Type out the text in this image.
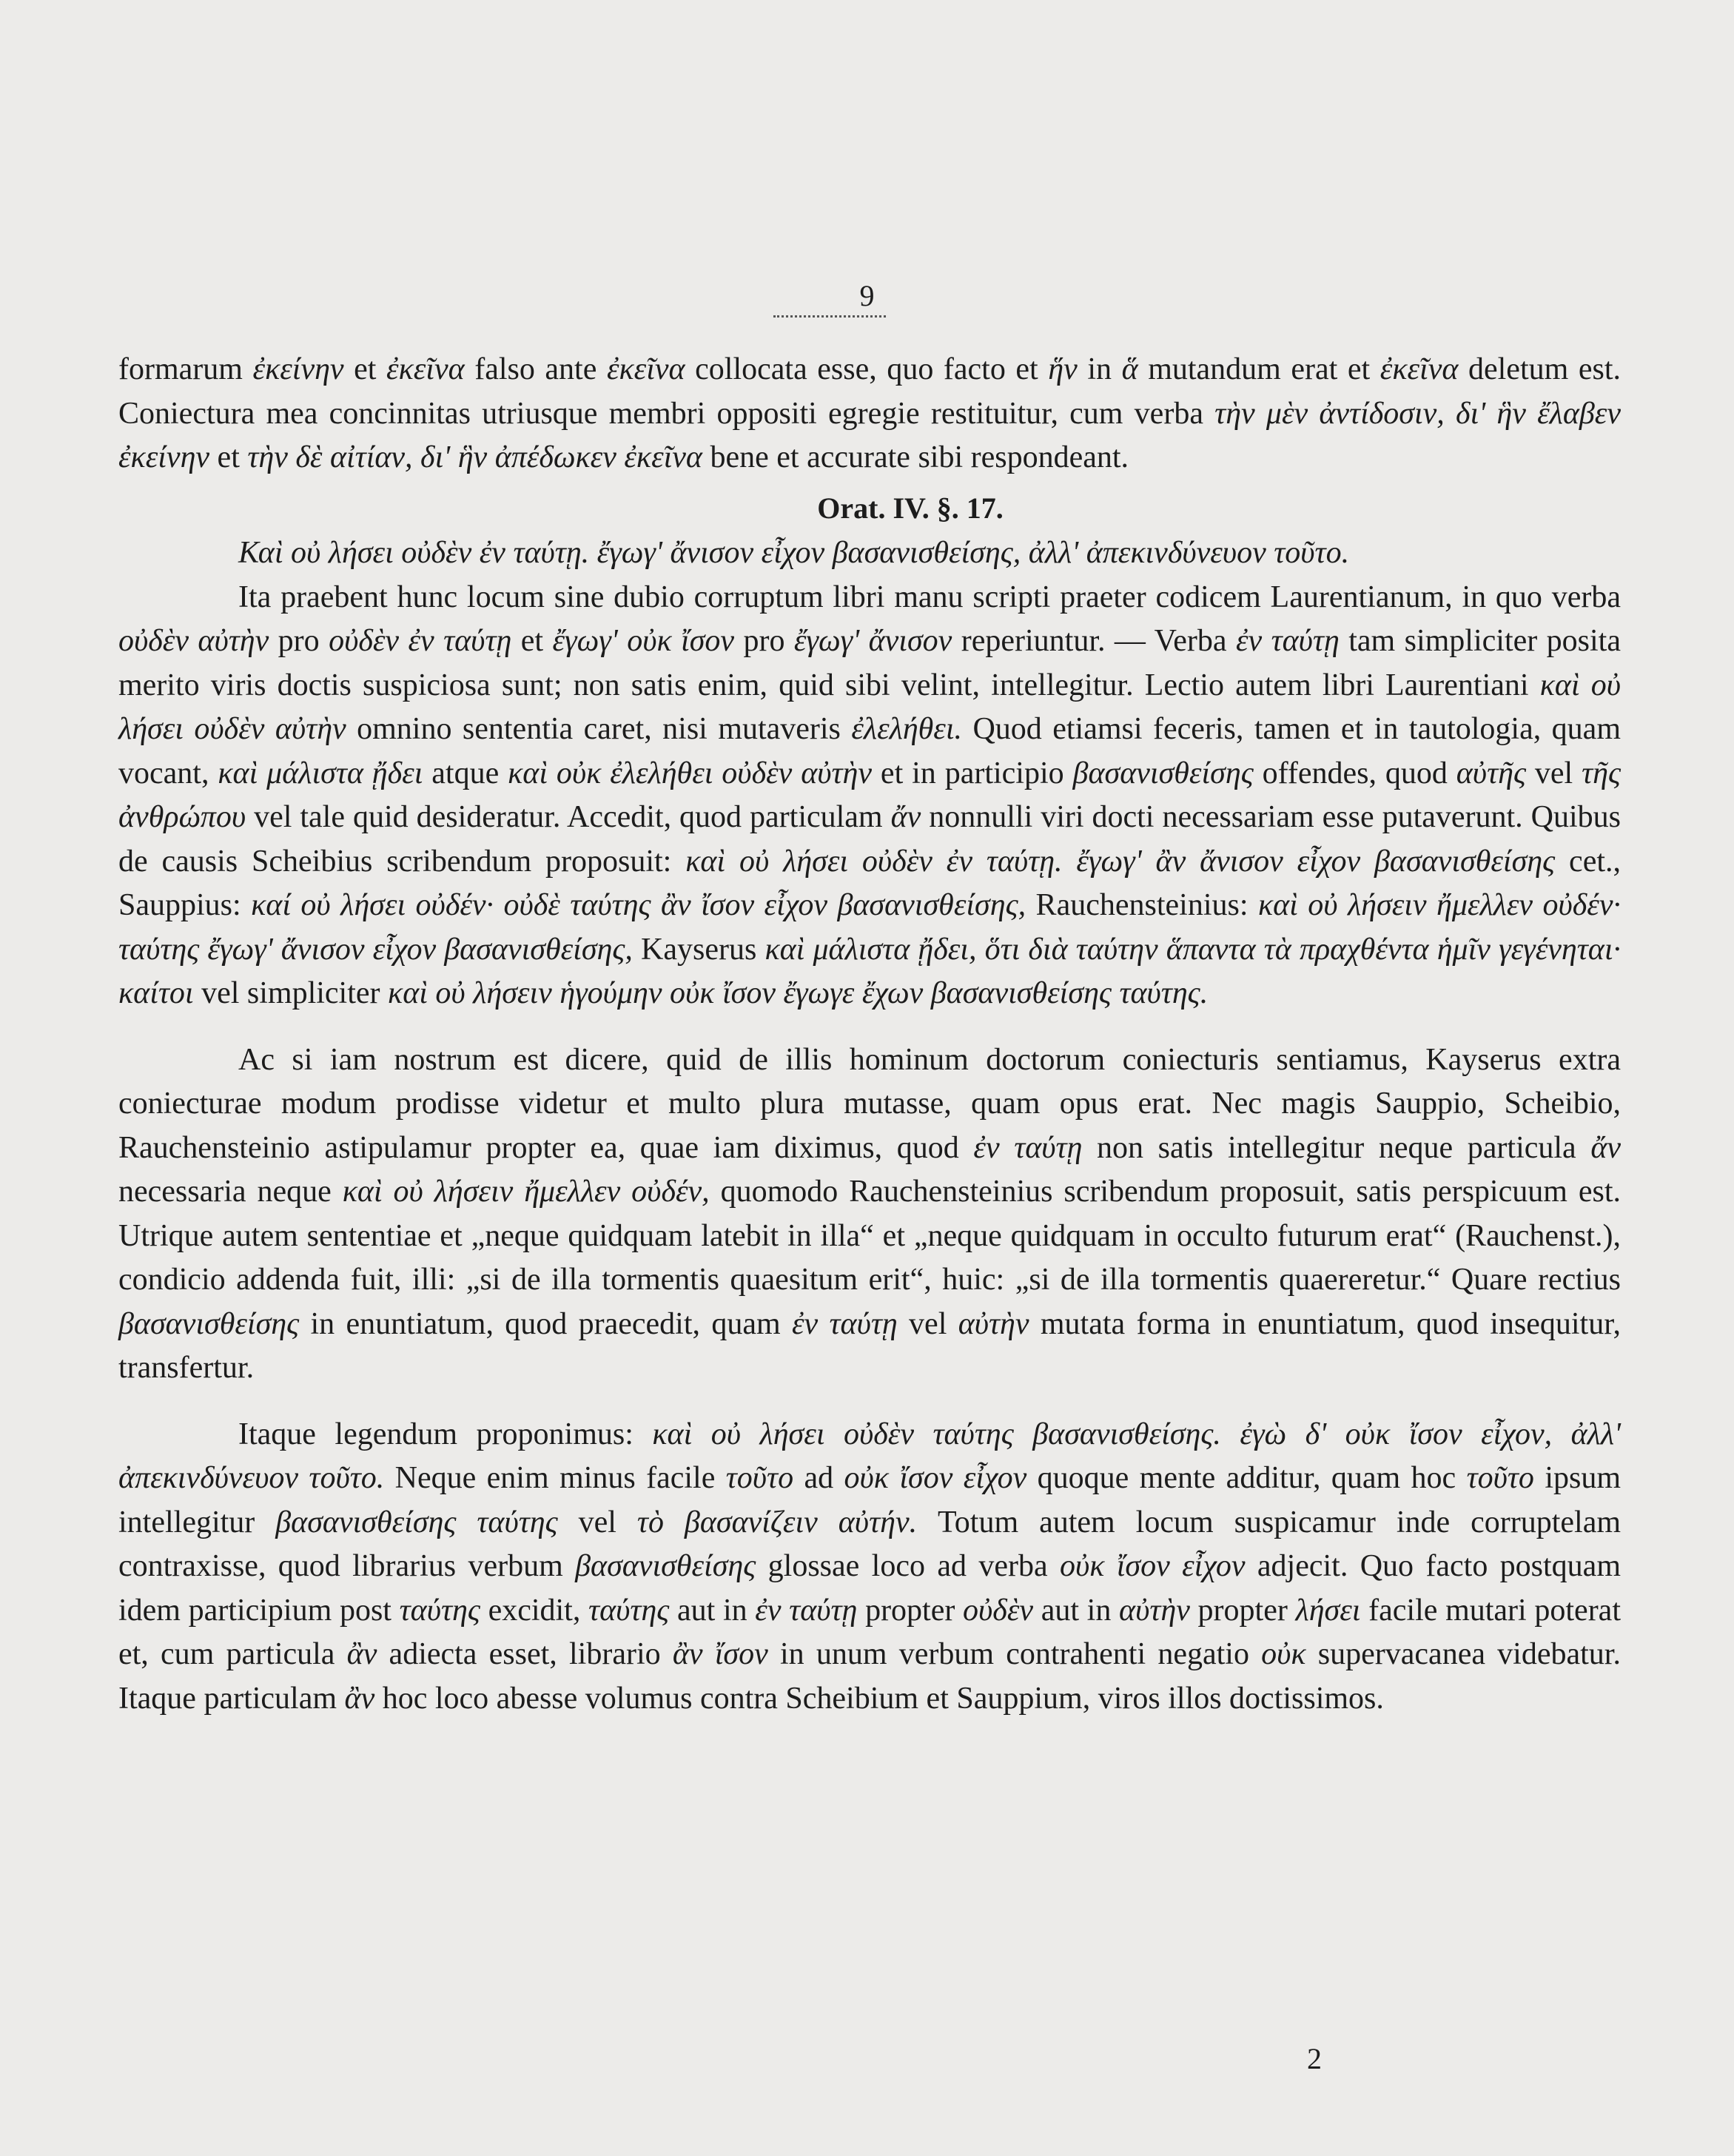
9

formarum ἐκείνην et ἐκεῖνα falso ante ἐκεῖνα collocata esse, quo facto et ἥν in ἅ mutandum erat et ἐκεῖνα deletum est. Coniectura mea concinnitas utriusque membri oppositi egregie restituitur, cum verba τὴν μὲν ἀντίδοσιν, δι' ἣν ἔλαβεν ἐκείνην et τὴν δὲ αἰτίαν, δι' ἣν ἀπέδωκεν ἐκεῖνα bene et accurate sibi respondeant.

Orat. IV. §. 17.

Καὶ οὐ λήσει οὐδὲν ἐν ταύτῃ. ἔγωγ' ἄνισον εἶχον βασανισθείσης, ἀλλ' ἀπεκινδύνευον τοῦτο.

Ita praebent hunc locum sine dubio corruptum libri manu scripti praeter codicem Laurentianum, in quo verba οὐδὲν αὐτὴν pro οὐδὲν ἐν ταύτῃ et ἔγωγ' οὐκ ἴσον pro ἔγωγ' ἄνισον reperiuntur. — Verba ἐν ταύτῃ tam simpliciter posita merito viris doctis suspiciosa sunt; non satis enim, quid sibi velint, intellegitur. Lectio autem libri Laurentiani καὶ οὐ λήσει οὐδὲν αὐτὴν omnino sententia caret, nisi mutaveris ἐλελήθει. Quod etiamsi feceris, tamen et in tautologia, quam vocant, καὶ μάλιστα ᾔδει atque καὶ οὐκ ἐλελήθει οὐδὲν αὐτὴν et in participio βασανισθείσης offendes, quod αὐτῆς vel τῆς ἀνθρώπου vel tale quid desideratur. Accedit, quod particulam ἄν nonnulli viri docti necessariam esse putaverunt. Quibus de causis Scheibius scribendum proposuit: καὶ οὐ λήσει οὐδὲν ἐν ταύτῃ. ἔγωγ' ἂν ἄνισον εἶχον βασανισθείσης cet., Sauppius: καί οὐ λήσει οὐδέν· οὐδὲ ταύτης ἂν ἴσον εἶχον βασανισθείσης, Rauchensteinius: καὶ οὐ λήσειν ἤμελλεν οὐδέν· ταύτης ἔγωγ' ἄνισον εἶχον βασανισθείσης, Kayserus καὶ μάλιστα ᾔδει, ὅτι διὰ ταύτην ἅπαντα τὰ πραχθέντα ἡμῖν γεγένηται· καίτοι vel simpliciter καὶ οὐ λήσειν ἡγούμην οὐκ ἴσον ἔγωγε ἔχων βασανισθείσης ταύτης.

Ac si iam nostrum est dicere, quid de illis hominum doctorum coniecturis sentiamus, Kayserus extra coniecturae modum prodisse videtur et multo plura mutasse, quam opus erat. Nec magis Sauppio, Scheibio, Rauchensteinio astipulamur propter ea, quae iam diximus, quod ἐν ταύτῃ non satis intellegitur neque particula ἄν necessaria neque καὶ οὐ λήσειν ἤμελλεν οὐδέν, quomodo Rauchensteinius scribendum proposuit, satis perspicuum est. Utrique autem sententiae et „neque quidquam latebit in illa“ et „neque quidquam in occulto futurum erat“ (Rauchenst.), condicio addenda fuit, illi: „si de illa tormentis quaesitum erit“, huic: „si de illa tormentis quaereretur.“ Quare rectius βασανισθείσης in enuntiatum, quod praecedit, quam ἐν ταύτῃ vel αὐτὴν mutata forma in enuntiatum, quod insequitur, transfertur.

Itaque legendum proponimus: καὶ οὐ λήσει οὐδὲν ταύτης βασανισθείσης. ἐγὼ δ' οὐκ ἴσον εἶχον, ἀλλ' ἀπεκινδύνευον τοῦτο. Neque enim minus facile τοῦτο ad οὐκ ἴσον εἶχον quoque mente additur, quam hoc τοῦτο ipsum intellegitur βασανισθείσης ταύτης vel τὸ βασανίζειν αὐτήν. Totum autem locum suspicamur inde corruptelam contraxisse, quod librarius verbum βασανισθείσης glossae loco ad verba οὐκ ἴσον εἶχον adjecit. Quo facto postquam idem participium post ταύτης excidit, ταύτης aut in ἐν ταύτῃ propter οὐδὲν aut in αὐτὴν propter λήσει facile mutari poterat et, cum particula ἂν adiecta esset, librario ἂν ἴσον in unum verbum contrahenti negatio οὐκ supervacanea videbatur. Itaque particulam ἂν hoc loco abesse volumus contra Scheibium et Sauppium, viros illos doctissimos.

2
